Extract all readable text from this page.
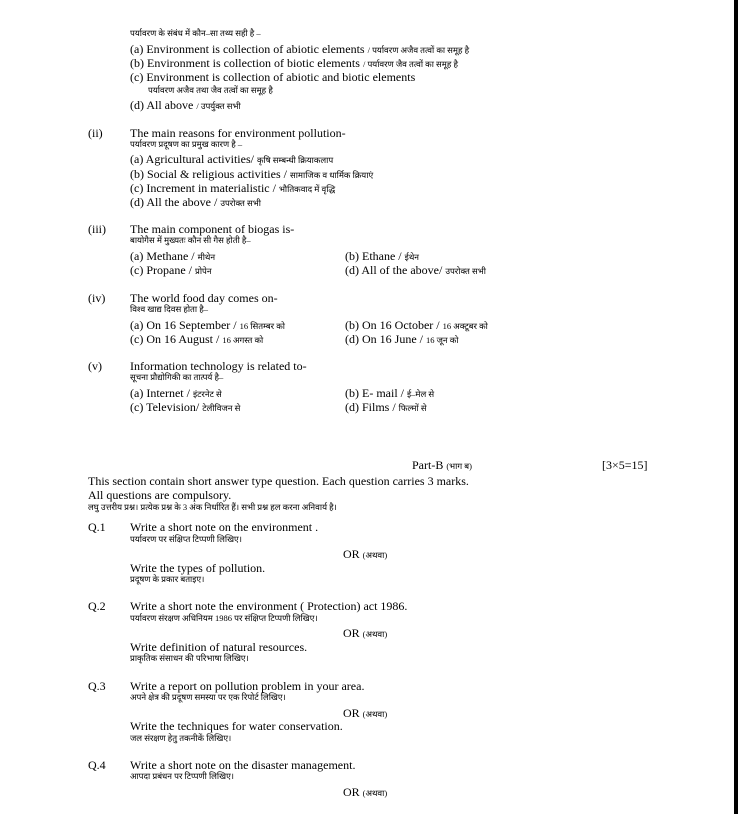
पर्यावरण के संबंध में कौन–सा तथ्य सही है –
(a) Environment is collection of abiotic elements / पर्यावरण अजैव तत्वों का समूह है
(b) Environment is collection of biotic elements / पर्यावरण जैव तत्वों का समूह है
(c) Environment is collection of abiotic and biotic elements
पर्यावरण अजैव तथा जैव तत्वों का समूह है
(d) All above / उपर्युक्त सभी
(ii) The main reasons for environment pollution-
पर्यावरण प्रदूषण का प्रमुख कारण है –
(a) Agricultural activities/ कृषि सम्बन्धी क्रियाकलाप
(b) Social & religious activities / सामाजिक व धार्मिक क्रियाएं
(c) Increment in materialistic / भौतिकवाद में वृद्धि
(d) All the above / उपरोक्त सभी
(iii) The main component of biogas is-
बायोगैस में मुख्यतः कौन सी गैस होती है–
(a) Methane / मीथेन	(b) Ethane / ईथेन
(c) Propane / प्रोपेन	(d) All of the above/ उपरोक्त सभी
(iv) The world food day comes on-
विश्व खाद्य दिवस होता है–
(a) On 16 September / 16 सितम्बर को	(b) On 16 October / 16 अक्टूबर को
(c) On 16 August / 16 अगस्त को	(d) On 16 June / 16 जून को
(v) Information technology is related to-
सूचना प्रौद्योगिकी का तात्पर्य है–
(a) Internet / इंटरनेट से	(b) E- mail / ई–मेल से
(c) Television/ टेलीविजन से	(d) Films / फिल्मों से
Part-B (भाग ब)	[3×5=15]
This section contain short answer type question. Each question carries 3 marks.
All questions are compulsory.
लघु उत्तरीय प्रश्न। प्रत्येक प्रश्न के 3 अंक निर्धारित हैं। सभी प्रश्न हल करना अनिवार्य है।
Q.1 Write a short note on the environment .
पर्यावरण पर संक्षिप्त टिप्पणी लिखिए।
OR (अथवा)
Write the types of pollution.
प्रदूषण के प्रकार बताइए।
Q.2 Write a short note the environment ( Protection) act 1986.
पर्यावरण संरक्षण अधिनियम 1986 पर संक्षिप्त टिप्पणी लिखिए।
OR (अथवा)
Write definition of natural resources.
प्राकृतिक संसाधन की परिभाषा लिखिए।
Q.3 Write a report on pollution problem in your area.
अपने क्षेत्र की प्रदूषण समस्या पर एक रिपोर्ट लिखिए।
OR (अथवा)
Write the techniques for water conservation.
जल संरक्षण हेतु तकनीकें लिखिए।
Q.4 Write a short note on the disaster management.
आपदा प्रबंधन पर टिप्पणी लिखिए।
OR (अथवा)
